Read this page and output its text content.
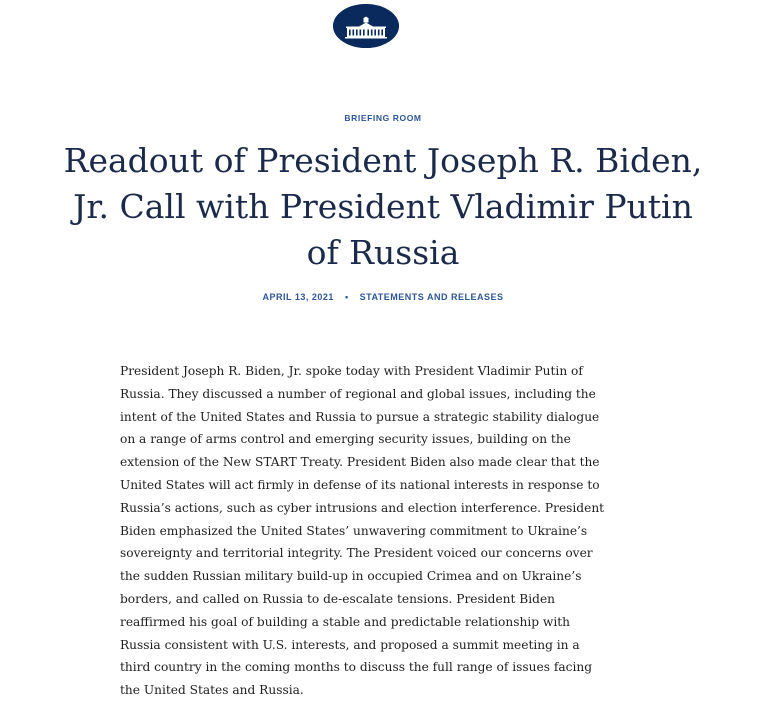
BRIEFING ROOM
Readout of President Joseph R. Biden,
Jr. Call with President Vladimir Putin
of Russia
APRIL 13, 2021 • STATEMENTS AND RELEASES

President Joseph R. Biden, Jr. spoke today with President Vladimir Putin of
Russia. They discussed a number of regional and global issues, including the
intent of the United States and Russia to pursue a strategic stability dialogue
on a range of arms control and emerging security issues, building on the
extension of the New START Treaty. President Biden also made clear that the
United States will act firmly in defense of its national interests in response to
Russia’s actions, such as cyber intrusions and election interference. President
Biden emphasized the United States’ unwavering commitment to Ukraine’s
sovereignty and territorial integrity. The President voiced our concerns over
the sudden Russian military build-up in occupied Crimea and on Ukraine’s
borders, and called on Russia to de-escalate tensions. President Biden
reaffirmed his goal of building a stable and predictable relationship with
Russia consistent with U.S. interests, and proposed a summit meeting in a
third country in the coming months to discuss the full range of issues facing
the United States and Russia.
